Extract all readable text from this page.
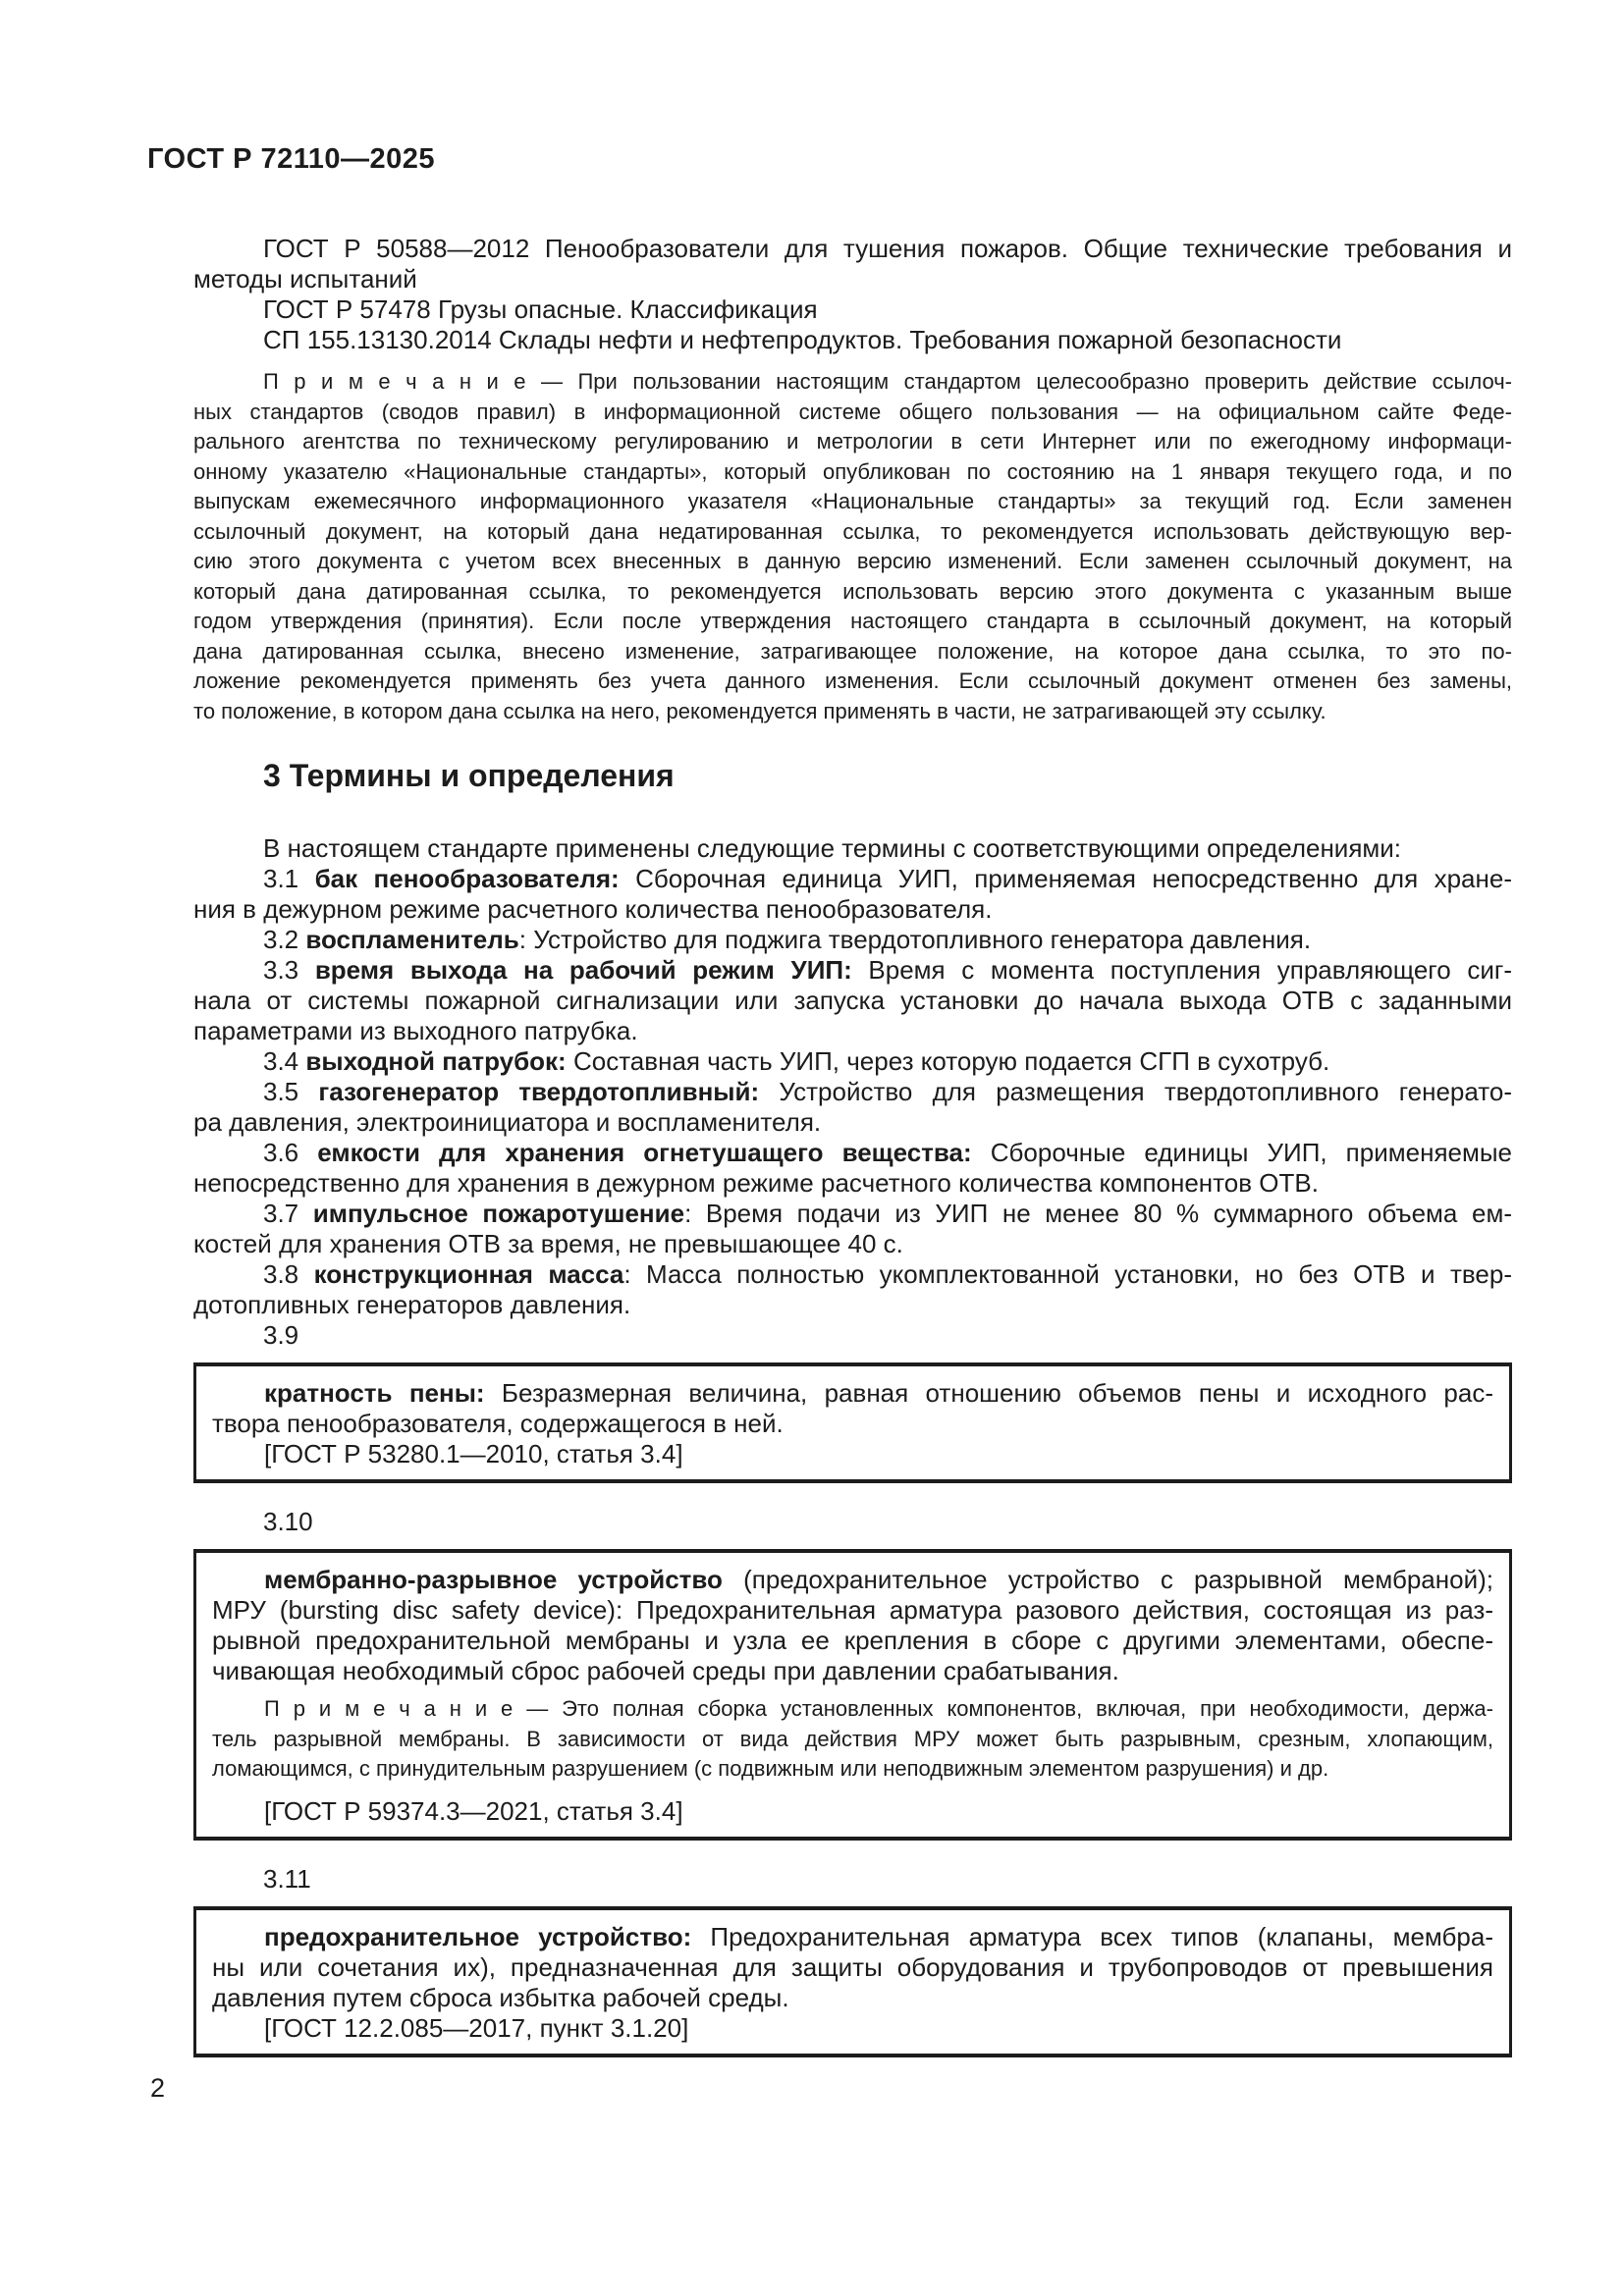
ГОСТ Р 72110—2025
ГОСТ Р 50588—2012 Пенообразователи для тушения пожаров. Общие технические требования и
методы испытаний
ГОСТ Р 57478 Грузы опасные. Классификация
СП 155.13130.2014 Склады нефти и нефтепродуктов. Требования пожарной безопасности
П р и м е ч а н и е — При пользовании настоящим стандартом целесообразно проверить действие ссылоч-
ных стандартов (сводов правил) в информационной системе общего пользования — на официальном сайте Феде-
рального агентства по техническому регулированию и метрологии в сети Интернет или по ежегодному информаци-
онному указателю «Национальные стандарты», который опубликован по состоянию на 1 января текущего года, и по
выпускам ежемесячного информационного указателя «Национальные стандарты» за текущий год. Если заменен
ссылочный документ, на который дана недатированная ссылка, то рекомендуется использовать действующую вер-
сию этого документа с учетом всех внесенных в данную версию изменений. Если заменен ссылочный документ, на
который дана датированная ссылка, то рекомендуется использовать версию этого документа с указанным выше
годом утверждения (принятия). Если после утверждения настоящего стандарта в ссылочный документ, на который
дана датированная ссылка, внесено изменение, затрагивающее положение, на которое дана ссылка, то это по-
ложение рекомендуется применять без учета данного изменения. Если ссылочный документ отменен без замены,
то положение, в котором дана ссылка на него, рекомендуется применять в части, не затрагивающей эту ссылку.
3 Термины и определения
В настоящем стандарте применены следующие термины с соответствующими определениями:
3.1 бак пенообразователя: Сборочная единица УИП, применяемая непосредственно для хране-
ния в дежурном режиме расчетного количества пенообразователя.
3.2 воспламенитель: Устройство для поджига твердотопливного генератора давления.
3.3 время выхода на рабочий режим УИП: Время с момента поступления управляющего сиг-
нала от системы пожарной сигнализации или запуска установки до начала выхода ОТВ с заданными
параметрами из выходного патрубка.
3.4 выходной патрубок: Составная часть УИП, через которую подается СГП в сухотруб.
3.5 газогенератор твердотопливный: Устройство для размещения твердотопливного генерато-
ра давления, электроинициатора и воспламенителя.
3.6 емкости для хранения огнетушащего вещества: Сборочные единицы УИП, применяемые
непосредственно для хранения в дежурном режиме расчетного количества компонентов ОТВ.
3.7 импульсное пожаротушение: Время подачи из УИП не менее 80 % суммарного объема ем-
костей для хранения ОТВ за время, не превышающее 40 с.
3.8 конструкционная масса: Масса полностью укомплектованной установки, но без ОТВ и твер-
дотопливных генераторов давления.
3.9
кратность пены: Безразмерная величина, равная отношению объемов пены и исходного рас-
твора пенообразователя, содержащегося в ней.
[ГОСТ Р 53280.1—2010, статья 3.4]
3.10
мембранно-разрывное устройство (предохранительное устройство с разрывной мембраной);
МРУ (bursting disc safety device): Предохранительная арматура разового действия, состоящая из раз-
рывной предохранительной мембраны и узла ее крепления в сборе с другими элементами, обеспе-
чивающая необходимый сброс рабочей среды при давлении срабатывания.
П р и м е ч а н и е — Это полная сборка установленных компонентов, включая, при необходимости, держа-
тель разрывной мембраны. В зависимости от вида действия МРУ может быть разрывным, срезным, хлопающим,
ломающимся, с принудительным разрушением (с подвижным или неподвижным элементом разрушения) и др.
[ГОСТ Р 59374.3—2021, статья 3.4]
3.11
предохранительное устройство: Предохранительная арматура всех типов (клапаны, мембра-
ны или сочетания их), предназначенная для защиты оборудования и трубопроводов от превышения
давления путем сброса избытка рабочей среды.
[ГОСТ 12.2.085—2017, пункт 3.1.20]
2
